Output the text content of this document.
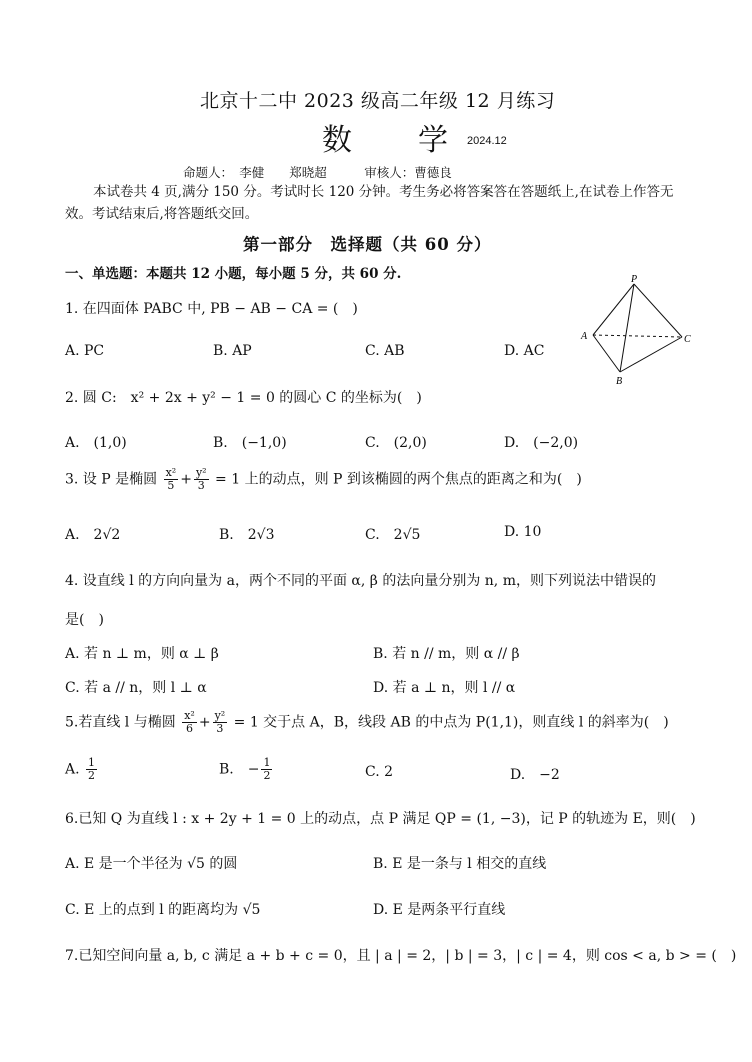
北京十二中 2023 级高二年级 12 月练习
数　　学 2024.12
命题人：　李健　　郑晓超　　　审核人：曹德良
本试卷共 4 页,满分 150 分。考试时长 120 分钟。考生务必将答案答在答题纸上,在试卷上作答无效。考试结束后,将答题纸交回。
第一部分　选择题（共 60 分）
一、单选题：本题共 12 小题，每小题 5 分，共 60 分.	P
A	C
B
1. 在四面体 PABC 中, PB − AB − CA = (　)
A. PC	B. AP	C. AB	D. AC
2. 圆 C:　x² + 2x + y² − 1 = 0 的圆心 C 的坐标为(　)
A.　(1,0)	B.　(−1,0)	C.　(2,0)	D.　(−2,0)
3. 设 P 是椭圆 $\frac{\text{x²}}{5} + \frac{\text{y²}}{3} = 1$ 上的动点，则 P 到该椭圆的两个焦点的距离之和为(　)
A.　2√2	B.　2√3	C.　2√5	D. 10
4. 设直线 l 的方向向量为 a，两个不同的平面 α, β 的法向量分别为 n, m，则下列说法中错误的
是(　)
A. 若 n ⊥ m，则 α ⊥ β	B. 若 n // m，则 α // β
C. 若 a // n，则 l ⊥ α	D. 若 a ⊥ n，则 l // α
5.若直线 l 与椭圆 $\frac{\text{x²}}{6} + \frac{\text{y²}}{3} = 1$ 交于点 A，B，线段 AB 的中点为 P(1,1)，则直线 l 的斜率为(　)
A. $\frac{1}{2}$	B.　− $\frac{1}{2}$	C. 2	D.　−2
6.已知 Q 为直线 l : x + 2y + 1 = 0 上的动点，点 P 满足 QP = (1, −3)，记 P 的轨迹为 E，则(　)
A. E 是一个半径为 √5 的圆	B. E 是一条与 l 相交的直线
C. E 上的点到 l 的距离均为 √5	D. E 是两条平行直线
7.已知空间向量 a, b, c 满足 a + b + c = 0，且 | a | = 2，| b | = 3，| c | = 4，则 cos < a, b > = (　)
